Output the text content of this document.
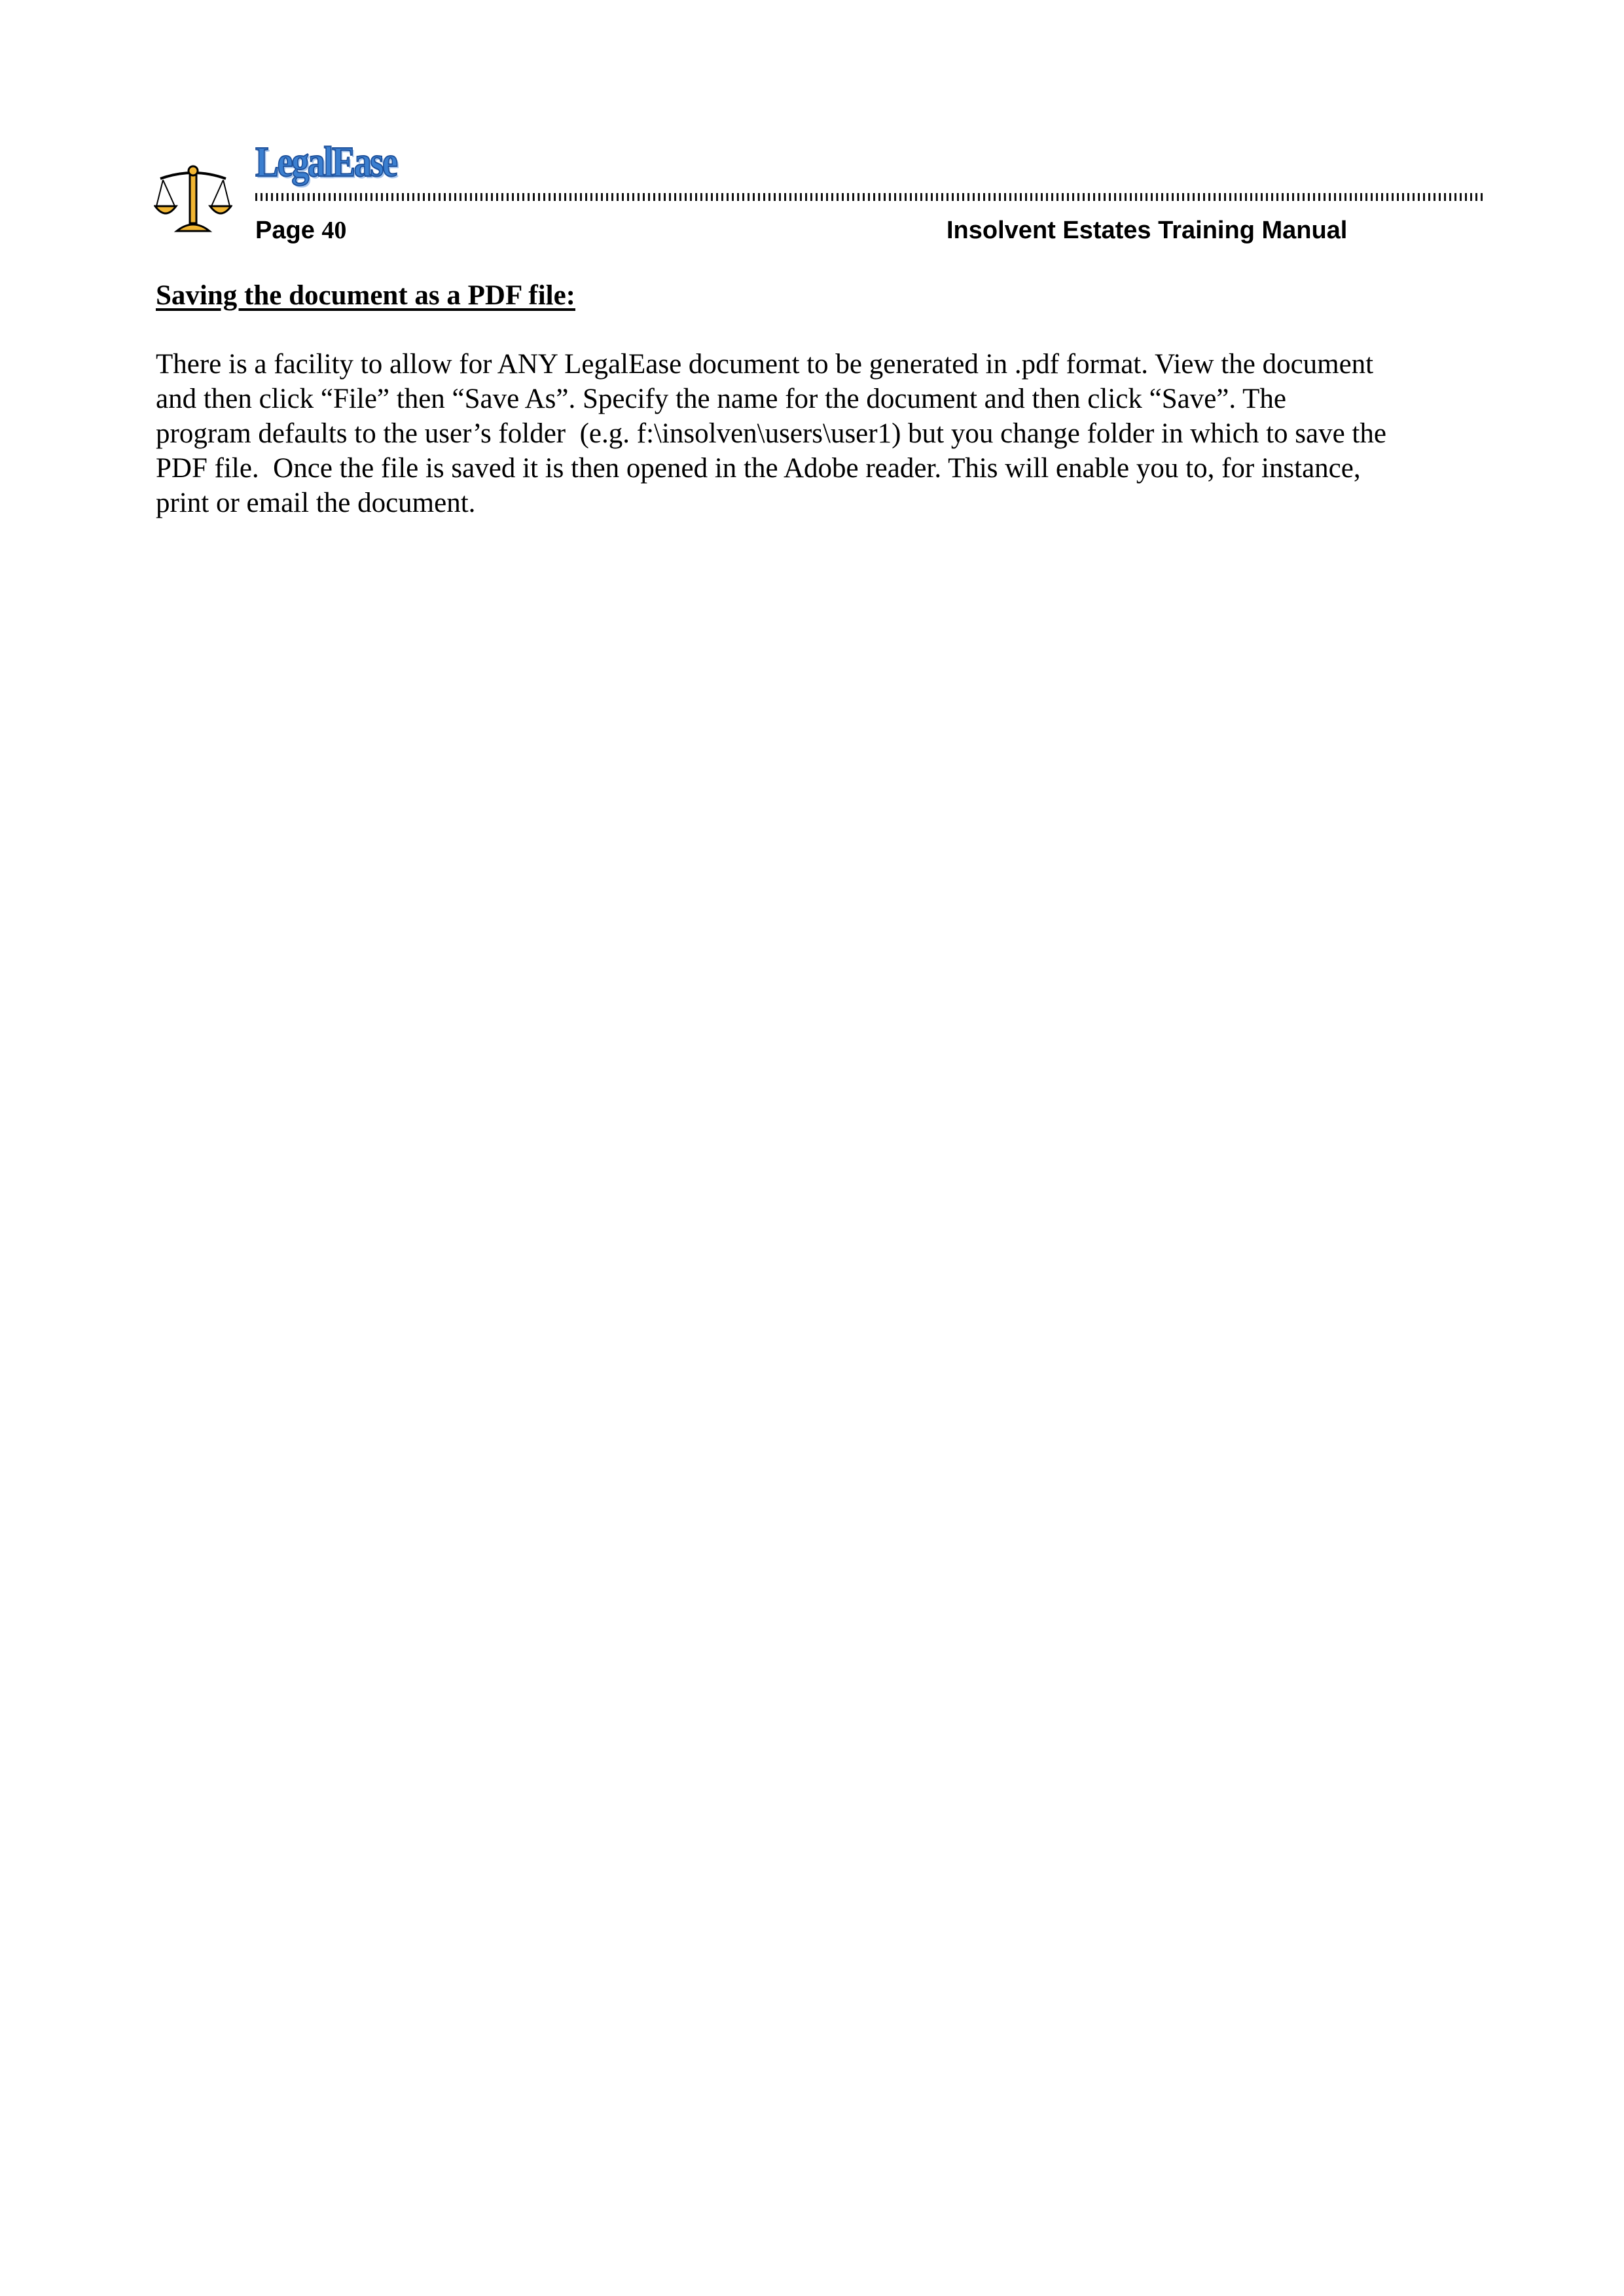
LegalEase
Page 40	Insolvent Estates Training Manual
Saving the document as a PDF file:

There is a facility to allow for ANY LegalEase document to be generated in .pdf format. View the document
and then click “File” then “Save As”. Specify the name for the document and then click “Save”. The
program defaults to the user’s folder  (e.g. f:\insolven\users\user1) but you change folder in which to save the
PDF file.  Once the file is saved it is then opened in the Adobe reader. This will enable you to, for instance,
print or email the document.
